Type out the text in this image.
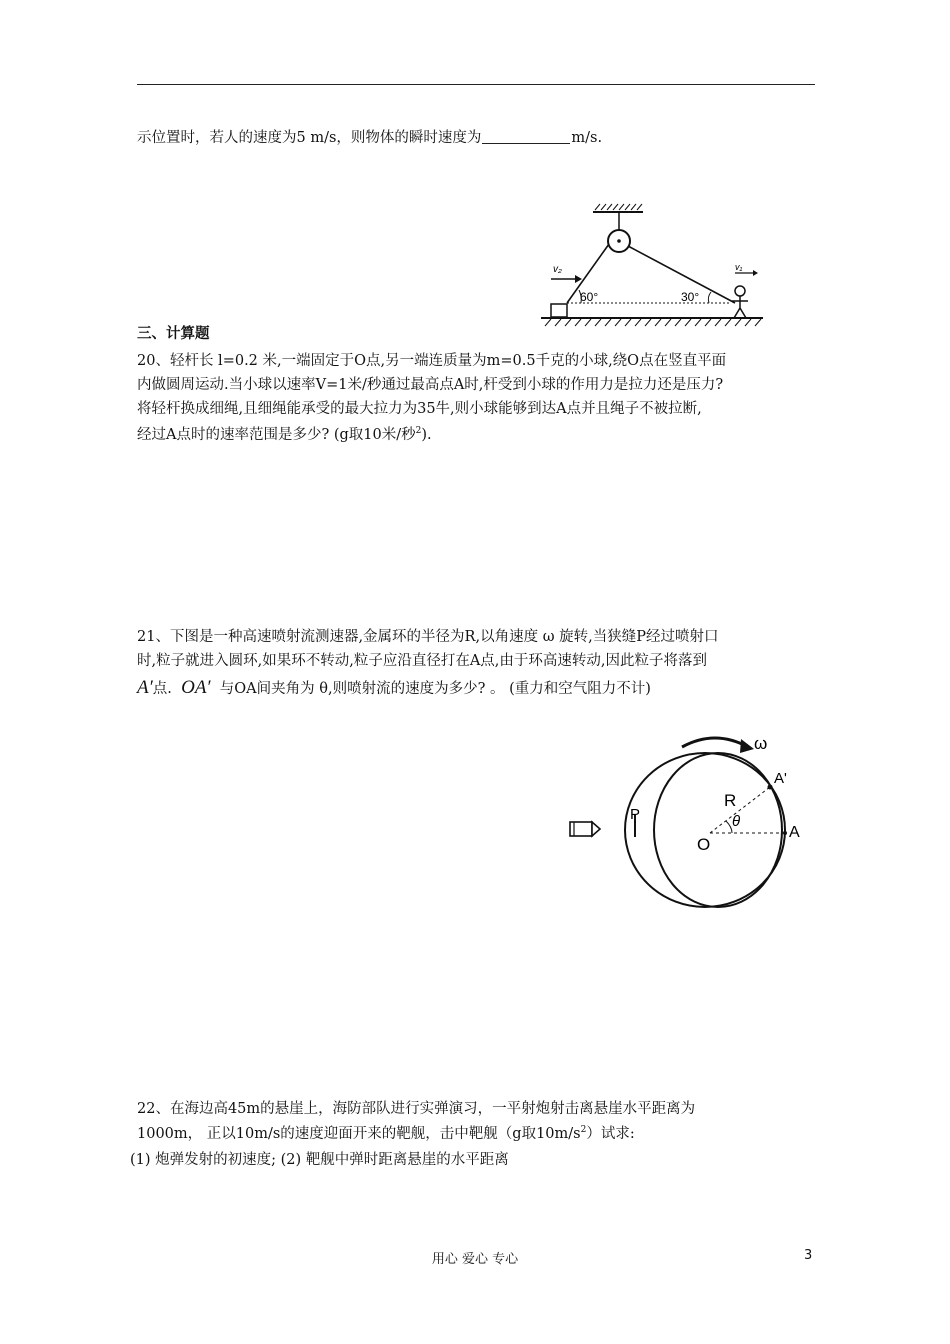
示位置时，若人的速度为5 m/s，则物体的瞬时速度为	m/s.
v₂	v₁
60°	30°
三、计算题
20、轻杆长 l=0.2 米,一端固定于O点,另一端连质量为m=0.5千克的小球,绕O点在竖直平面
内做圆周运动.当小球以速率V=1米/秒通过最高点A时,杆受到小球的作用力是拉力还是压力?
将轻杆换成细绳,且细绳能承受的最大拉力为35牛,则小球能够到达A点并且绳子不被拉断,
经过A点时的速率范围是多少? (g取10米/秒$^2$).
21、下图是一种高速喷射流测速器,金属环的半径为R,以角速度 ω 旋转,当狭缝P经过喷射口
时,粒子就进入圆环,如果环不转动,粒子应沿直径打在A点,由于环高速转动,因此粒子将落到
A′点. OA′ 与OA间夹角为 θ,则喷射流的速度为多少? 。 (重力和空气阻力不计)
ω
P
R
O
θ
A'
A
22、在海边高45m的悬崖上，海防部队进行实弹演习，一平射炮射击离悬崖水平距离为
1000m， 正以10m/s的速度迎面开来的靶舰，击中靶舰（g取$10m/s^2$）试求:
(1) 炮弹发射的初速度; (2) 靶舰中弹时距离悬崖的水平距离
用心 爱心 专心	3
